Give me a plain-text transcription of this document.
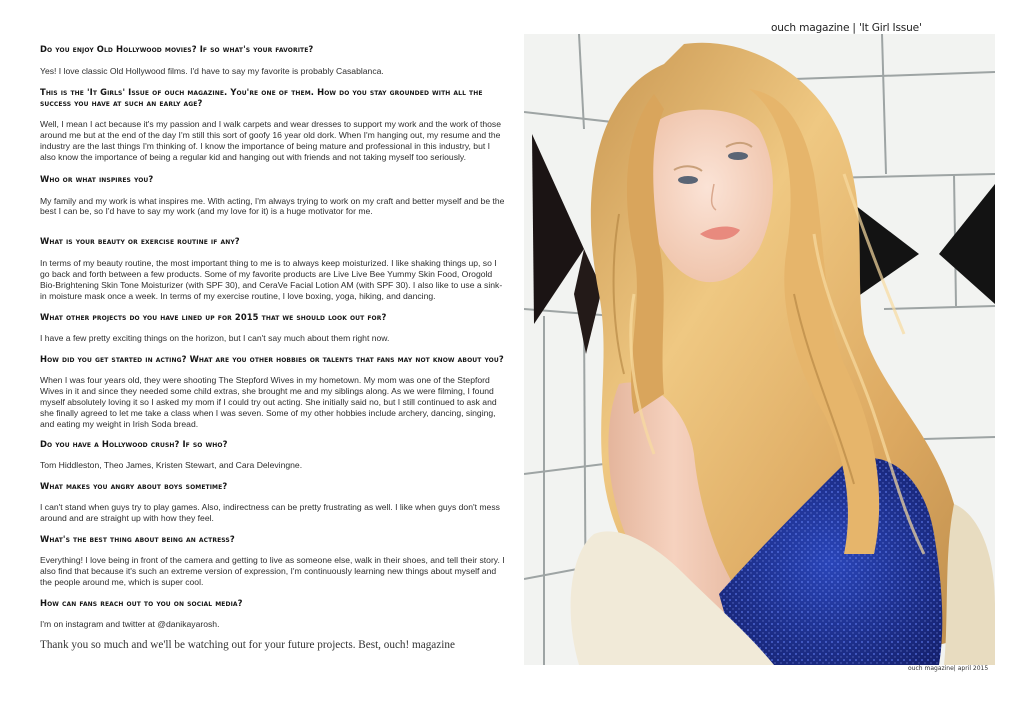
ouch magazine | 'It Girl Issue'

Do you enjoy Old Hollywood movies? If so what's your favorite?

Yes! I love classic Old Hollywood films. I'd have to say my favorite is probably Casablanca.

This is the 'It Girls' Issue of ouch magazine. You're one of them. How do you stay grounded with all the success you have at such an early age?

Well, I mean I act because it's my passion and I walk carpets and wear dresses to support my work and the work of those around me but at the end of the day I'm still this sort of goofy 16 year old dork. When I'm hanging out, my resume and the industry are the last things I'm thinking of. I know the importance of being mature and professional in this industry, but I also know the importance of being a regular kid and hanging out with friends and not taking myself too seriously.

Who or what inspires you?

My family and my work is what inspires me. With acting, I'm always trying to work on my craft and better myself and be the best I can be, so I'd have to say my work (and my love for it) is a huge motivator for me.

What is your beauty or exercise routine if any?

In terms of my beauty routine, the most important thing to me is to always keep moisturized. I like shaking things up, so I go back and forth between a few products. Some of my favorite products are Live Live Bee Yummy Skin Food, Orogold Bio-Brightening Skin Tone Moisturizer (with SPF 30), and CeraVe Facial Lotion AM (with SPF 30). I also like to use a sink-in moisture mask once a week. In terms of my exercise routine, I love boxing, yoga, hiking, and dancing.

What other projects do you have lined up for 2015 that we should look out for?

I have a few pretty exciting things on the horizon, but I can't say much about them right now.

How did you get started in acting? What are you other hobbies or talents that fans may not know about you?

When I was four years old, they were shooting The Stepford Wives in my hometown. My mom was one of the Stepford Wives in it and since they needed some child extras, she brought me and my siblings along. As we were filming, I found myself absolutely loving it so I asked my mom if I could try out acting. She initially said no, but I still continued to ask and she finally agreed to let me take a class when I was seven. Some of my other hobbies include archery, dancing, singing, and eating my weight in Irish Soda bread.

Do you have a Hollywood crush? If so who?

Tom Hiddleston, Theo James, Kristen Stewart, and Cara Delevingne.

What makes you angry about boys sometime?

I can't stand when guys try to play games. Also, indirectness can be pretty frustrating as well. I like when guys don't mess around and are straight up with how they feel.

What's the best thing about being an actress?

Everything! I love being in front of the camera and getting to live as someone else, walk in their shoes, and tell their story. I also find that because it's such an extreme version of expression, I'm continuously learning new things about myself and the people around me, which is super cool.

How can fans reach out to you on social media?

I'm on instagram and twitter at @danikayarosh.

Thank you so much and we'll be watching out for your future projects. Best, ouch! magazine

ouch magazine| april 2015
